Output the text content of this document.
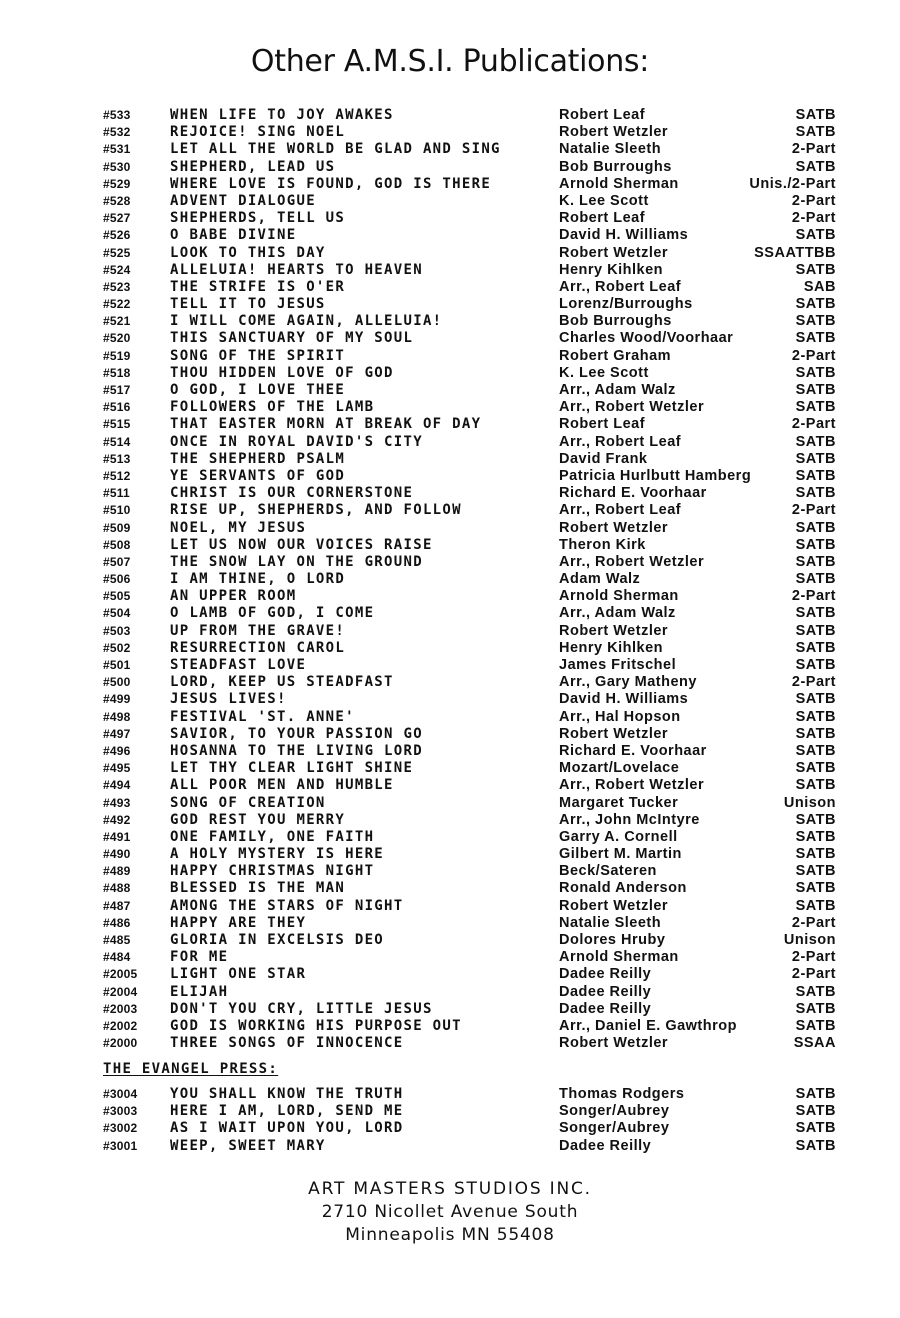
Other A.M.S.I. Publications:
#533	WHEN LIFE TO JOY AWAKES	Robert Leaf	SATB
#532	REJOICE! SING NOEL	Robert Wetzler	SATB
#531	LET ALL THE WORLD BE GLAD AND SING	Natalie Sleeth	2-Part
#530	SHEPHERD, LEAD US	Bob Burroughs	SATB
#529	WHERE LOVE IS FOUND, GOD IS THERE	Arnold Sherman	Unis./2-Part
#528	ADVENT DIALOGUE	K. Lee Scott	2-Part
#527	SHEPHERDS, TELL US	Robert Leaf	2-Part
#526	O BABE DIVINE	David H. Williams	SATB
#525	LOOK TO THIS DAY	Robert Wetzler	SSAATTBB
#524	ALLELUIA! HEARTS TO HEAVEN	Henry Kihlken	SATB
#523	THE STRIFE IS O'ER	Arr., Robert Leaf	SAB
#522	TELL IT TO JESUS	Lorenz/Burroughs	SATB
#521	I WILL COME AGAIN, ALLELUIA!	Bob Burroughs	SATB
#520	THIS SANCTUARY OF MY SOUL	Charles Wood/Voorhaar	SATB
#519	SONG OF THE SPIRIT	Robert Graham	2-Part
#518	THOU HIDDEN LOVE OF GOD	K. Lee Scott	SATB
#517	O GOD, I LOVE THEE	Arr., Adam Walz	SATB
#516	FOLLOWERS OF THE LAMB	Arr., Robert Wetzler	SATB
#515	THAT EASTER MORN AT BREAK OF DAY	Robert Leaf	2-Part
#514	ONCE IN ROYAL DAVID'S CITY	Arr., Robert Leaf	SATB
#513	THE SHEPHERD PSALM	David Frank	SATB
#512	YE SERVANTS OF GOD	Patricia Hurlbutt Hamberg	SATB
#511	CHRIST IS OUR CORNERSTONE	Richard E. Voorhaar	SATB
#510	RISE UP, SHEPHERDS, AND FOLLOW	Arr., Robert Leaf	2-Part
#509	NOEL, MY JESUS	Robert Wetzler	SATB
#508	LET US NOW OUR VOICES RAISE	Theron Kirk	SATB
#507	THE SNOW LAY ON THE GROUND	Arr., Robert Wetzler	SATB
#506	I AM THINE, O LORD	Adam Walz	SATB
#505	AN UPPER ROOM	Arnold Sherman	2-Part
#504	O LAMB OF GOD, I COME	Arr., Adam Walz	SATB
#503	UP FROM THE GRAVE!	Robert Wetzler	SATB
#502	RESURRECTION CAROL	Henry Kihlken	SATB
#501	STEADFAST LOVE	James Fritschel	SATB
#500	LORD, KEEP US STEADFAST	Arr., Gary Matheny	2-Part
#499	JESUS LIVES!	David H. Williams	SATB
#498	FESTIVAL 'ST. ANNE'	Arr., Hal Hopson	SATB
#497	SAVIOR, TO YOUR PASSION GO	Robert Wetzler	SATB
#496	HOSANNA TO THE LIVING LORD	Richard E. Voorhaar	SATB
#495	LET THY CLEAR LIGHT SHINE	Mozart/Lovelace	SATB
#494	ALL POOR MEN AND HUMBLE	Arr., Robert Wetzler	SATB
#493	SONG OF CREATION	Margaret Tucker	Unison
#492	GOD REST YOU MERRY	Arr., John McIntyre	SATB
#491	ONE FAMILY, ONE FAITH	Garry A. Cornell	SATB
#490	A HOLY MYSTERY IS HERE	Gilbert M. Martin	SATB
#489	HAPPY CHRISTMAS NIGHT	Beck/Sateren	SATB
#488	BLESSED IS THE MAN	Ronald Anderson	SATB
#487	AMONG THE STARS OF NIGHT	Robert Wetzler	SATB
#486	HAPPY ARE THEY	Natalie Sleeth	2-Part
#485	GLORIA IN EXCELSIS DEO	Dolores Hruby	Unison
#484	FOR ME	Arnold Sherman	2-Part
#2005 LIGHT ONE STAR	Dadee Reilly	2-Part
#2004 ELIJAH	Dadee Reilly	SATB
#2003 DON'T YOU CRY, LITTLE JESUS	Dadee Reilly	SATB
#2002 GOD IS WORKING HIS PURPOSE OUT	Arr., Daniel E. Gawthrop	SATB
#2000 THREE SONGS OF INNOCENCE	Robert Wetzler	SSAA
THE EVANGEL PRESS:
#3004 YOU SHALL KNOW THE TRUTH	Thomas Rodgers	SATB
#3003 HERE I AM, LORD, SEND ME	Songer/Aubrey	SATB
#3002 AS I WAIT UPON YOU, LORD	Songer/Aubrey	SATB
#3001 WEEP, SWEET MARY	Dadee Reilly	SATB
ART MASTERS STUDIOS INC.
2710 Nicollet Avenue South
Minneapolis MN 55408
